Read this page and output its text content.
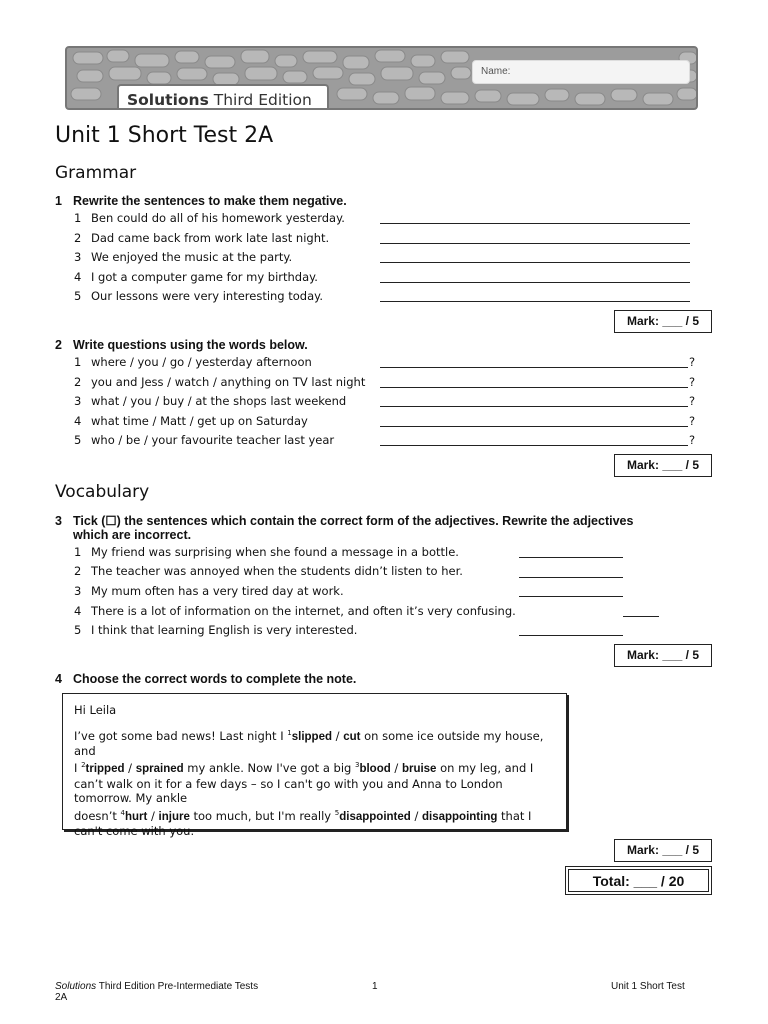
Name:
Solutions Third Edition
Unit 1 Short Test 2A
Grammar
1 Rewrite the sentences to make them negative.
1 Ben could do all of his homework yesterday.
2 Dad came back from work late last night.
3 We enjoyed the music at the party.
4 I got a computer game for my birthday.
5 Our lessons were very interesting today.
Mark: ___ / 5
2 Write questions using the words below.
1 where / you / go / yesterday afternoon	?
2 you and Jess / watch / anything on TV last night	?
3 what / you / buy / at the shops last weekend	?
4 what time / Matt / get up on Saturday	?
5 who / be / your favourite teacher last year	?
Mark: ___ / 5
Vocabulary
3 Tick (☐) the sentences which contain the correct form of the adjectives. Rewrite the adjectives
which are incorrect.
1 My friend was surprising when she found a message in a bottle.
2 The teacher was annoyed when the students didn’t listen to her.
3 My mum often has a very tired day at work.
4 There is a lot of information on the internet, and often it’s very confusing.
5 I think that learning English is very interested.
Mark: ___ / 5
4 Choose the correct words to complete the note.

Hi Leila

I’ve got some bad news! Last night I $^1$slipped / cut on some ice outside my house, and
I $^2$tripped / sprained my ankle. Now I've got a big $^3$blood / bruise on my leg, and I can’t walk on it for a few days – so I can't go with you and Anna to London tomorrow. My ankle
doesn’t $^4$hurt / injure too much, but I'm really $^5$disappointed / disappointing that I can't come with you.

Mark: ___ / 5
Total: ___ / 20
Solutions Third Edition Pre-Intermediate Tests
2A
1	Unit 1 Short Test
